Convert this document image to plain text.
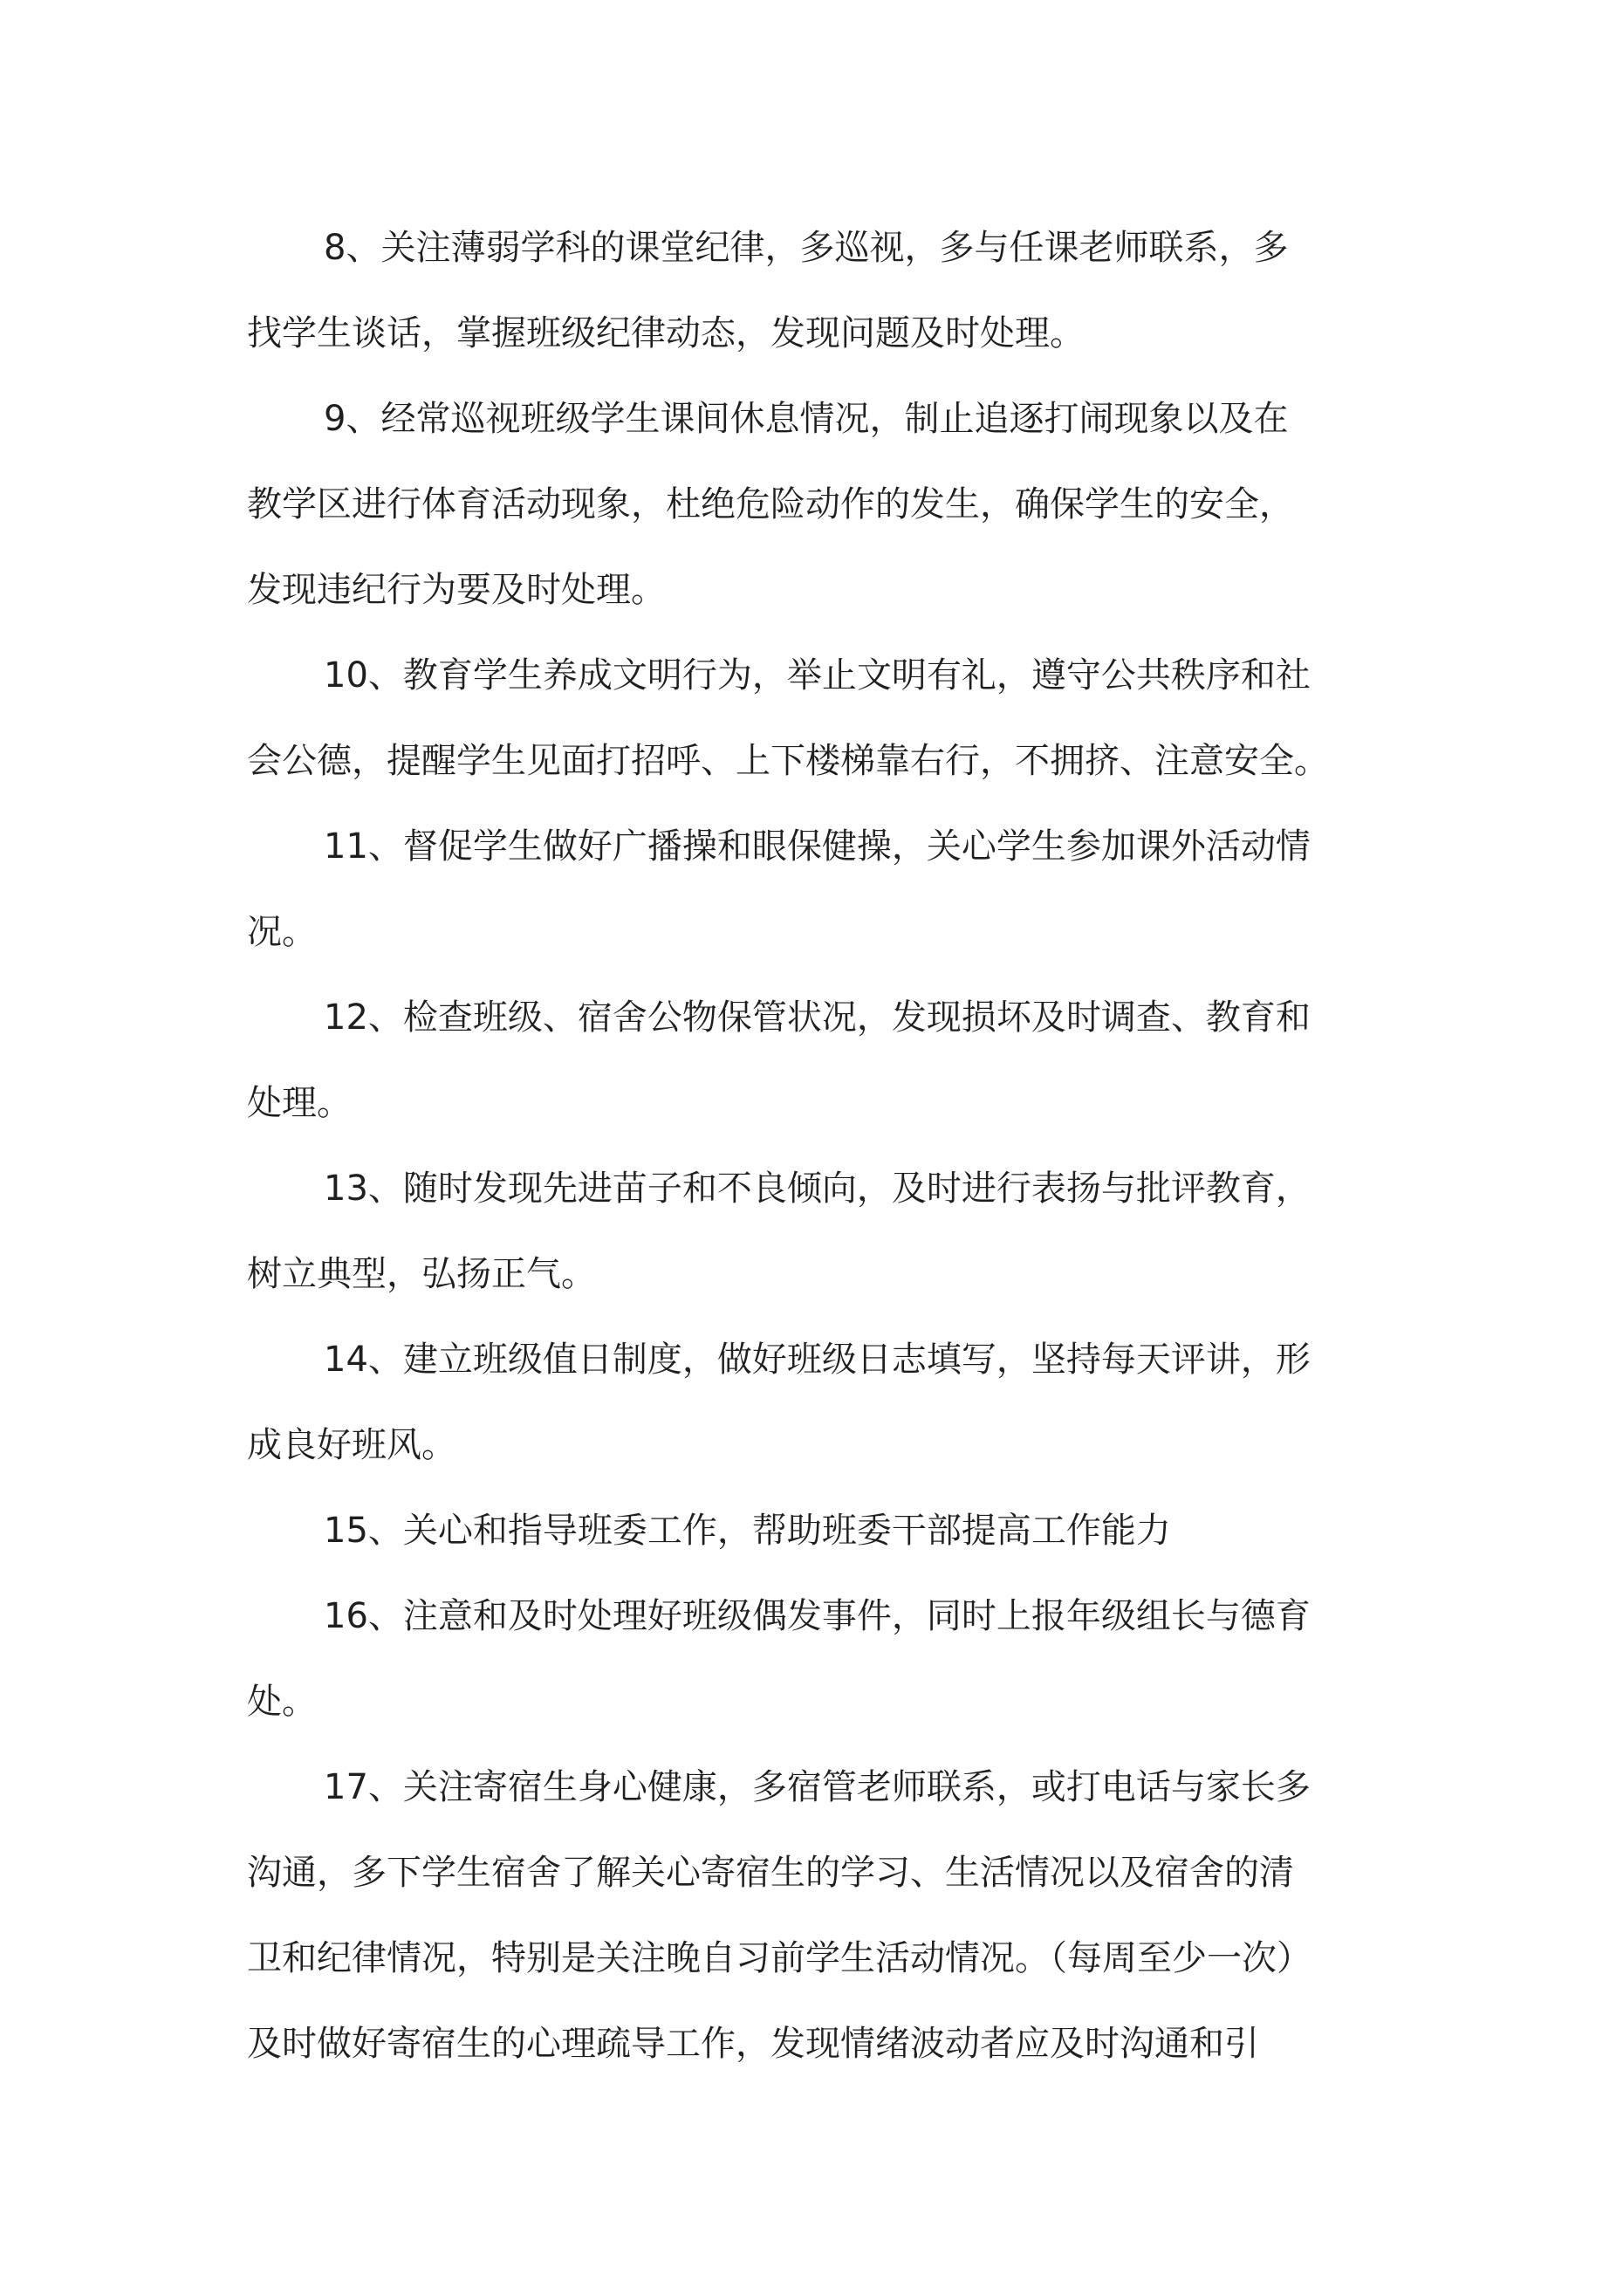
8、关注薄弱学科的课堂纪律，多巡视，多与任课老师联系，多
找学生谈话，掌握班级纪律动态，发现问题及时处理。

9、经常巡视班级学生课间休息情况，制止追逐打闹现象以及在
教学区进行体育活动现象，杜绝危险动作的发生，确保学生的安全，
发现违纪行为要及时处理。

10、教育学生养成文明行为，举止文明有礼，遵守公共秩序和社
会公德，提醒学生见面打招呼、上下楼梯靠右行，不拥挤、注意安全。

11、督促学生做好广播操和眼保健操，关心学生参加课外活动情
况。

12、检查班级、宿舍公物保管状况，发现损坏及时调查、教育和
处理。

13、随时发现先进苗子和不良倾向，及时进行表扬与批评教育，
树立典型，弘扬正气。

14、建立班级值日制度，做好班级日志填写，坚持每天评讲，形
成良好班风。

15、关心和指导班委工作，帮助班委干部提高工作能力

16、注意和及时处理好班级偶发事件，同时上报年级组长与德育
处。

17、关注寄宿生身心健康，多宿管老师联系，或打电话与家长多
沟通，多下学生宿舍了解关心寄宿生的学习、生活情况以及宿舍的清
卫和纪律情况，特别是关注晚自习前学生活动情况。（每周至少一次）
及时做好寄宿生的心理疏导工作，发现情绪波动者应及时沟通和引
